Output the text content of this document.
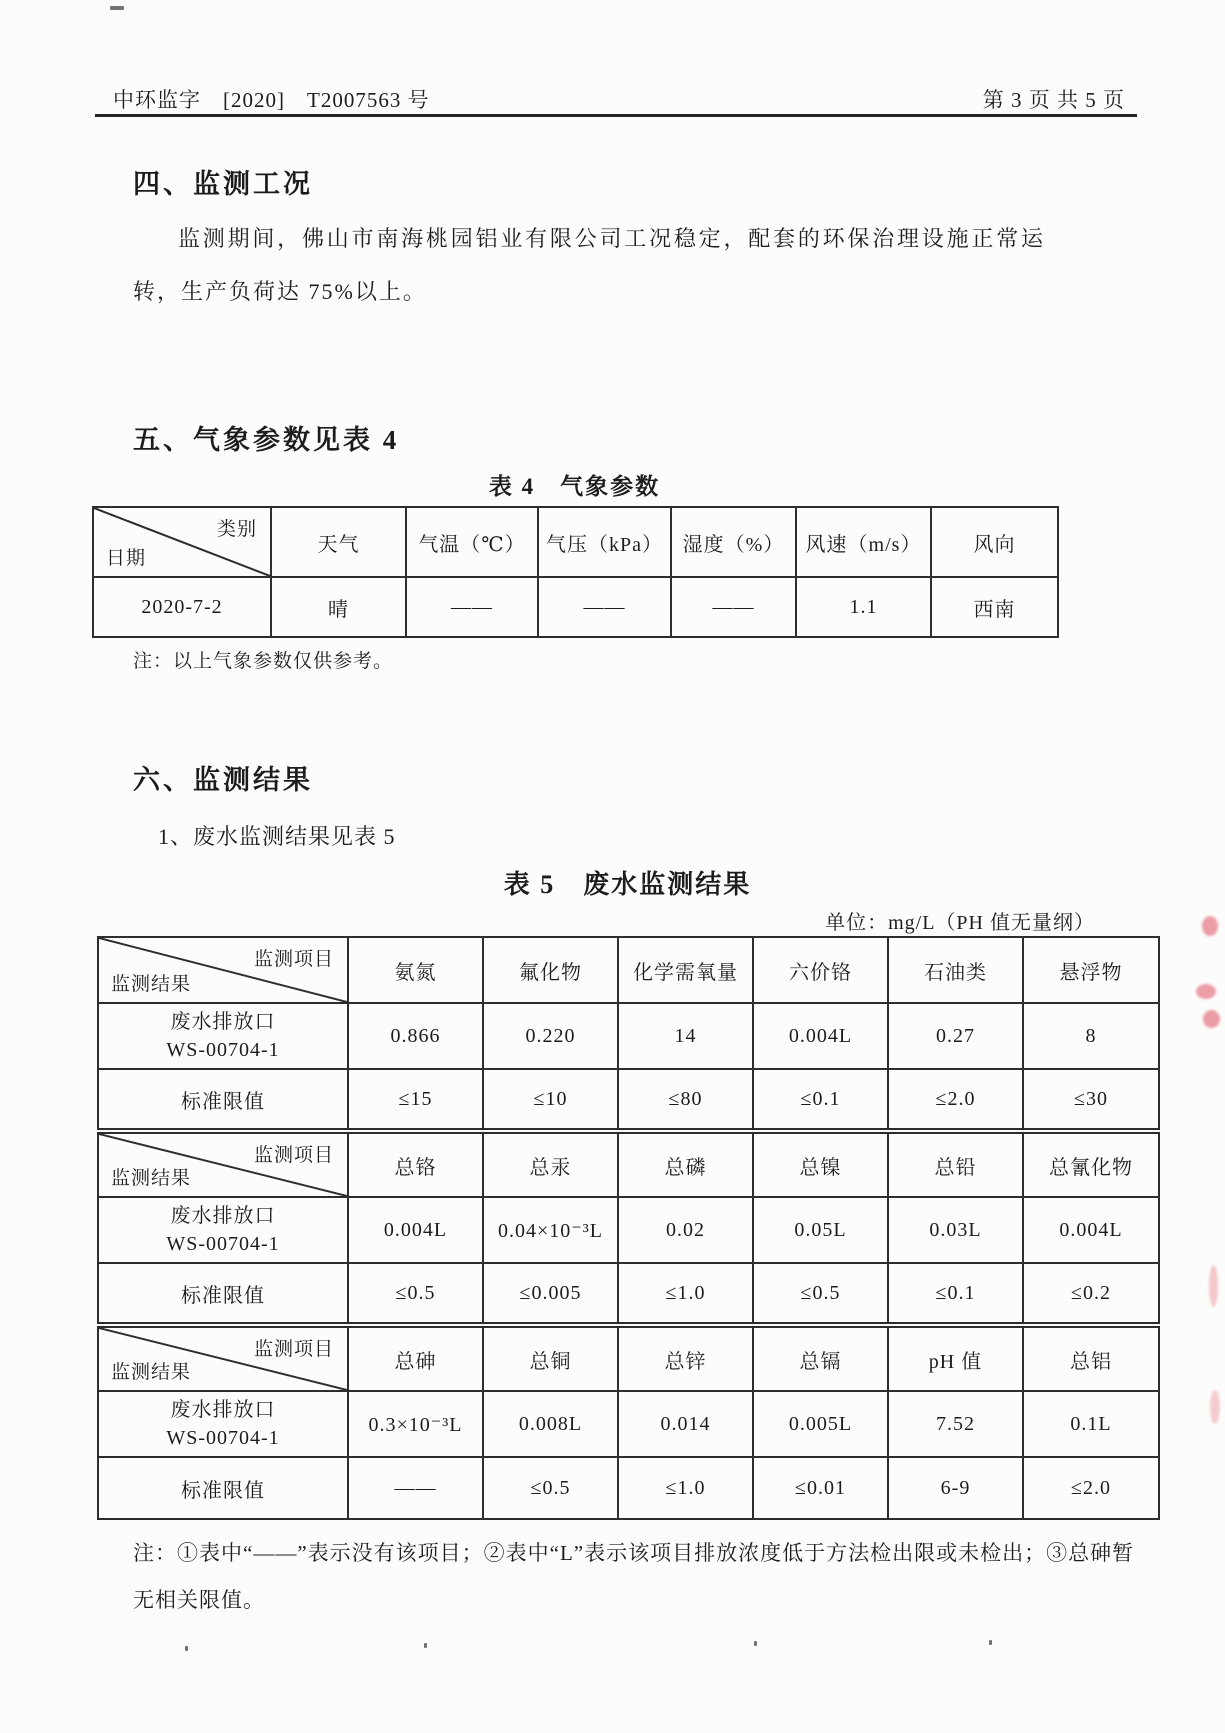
中环监字　[2020]　T2007563 号	第 3 页 共 5 页
四、监测工况
监测期间，佛山市南海桃园铝业有限公司工况稳定，配套的环保治理设施正常运转，生产负荷达 75%以上。
五、气象参数见表 4
表 4　气象参数
类别
日期	天气	气温（℃）	气压（kPa）	湿度（%）	风速（m/s）	风向
2020-7-2	晴	——	——	——	1.1	西南
注：以上气象参数仅供参考。
六、监测结果
1、废水监测结果见表 5
表 5　废水监测结果
单位：mg/L（PH 值无量纲）
监测项目
监测结果	氨氮	氟化物	化学需氧量	六价铬	石油类	悬浮物

废水排放口
WS-00704-1	0.866	0.220	14	0.004L	0.27	8
标准限值	≤15	≤10	≤80	≤0.1	≤2.0	≤30

监测项目
监测结果	总铬	总汞	总磷	总镍	总铅	总氰化物

废水排放口
WS-00704-1	0.004L	0.04×10⁻³L	0.02	0.05L	0.03L	0.004L
标准限值	≤0.5	≤0.005	≤1.0	≤0.5	≤0.1	≤0.2

监测项目
监测结果	总砷	总铜	总锌	总镉	pH 值	总铝

废水排放口
WS-00704-1	0.3×10⁻³L	0.008L	0.014	0.005L	7.52	0.1L
标准限值	——	≤0.5	≤1.0	≤0.01	6-9	≤2.0
注：①表中“——”表示没有该项目；②表中“L”表示该项目排放浓度低于方法检出限或未检出；③总砷暂无相关限值。
